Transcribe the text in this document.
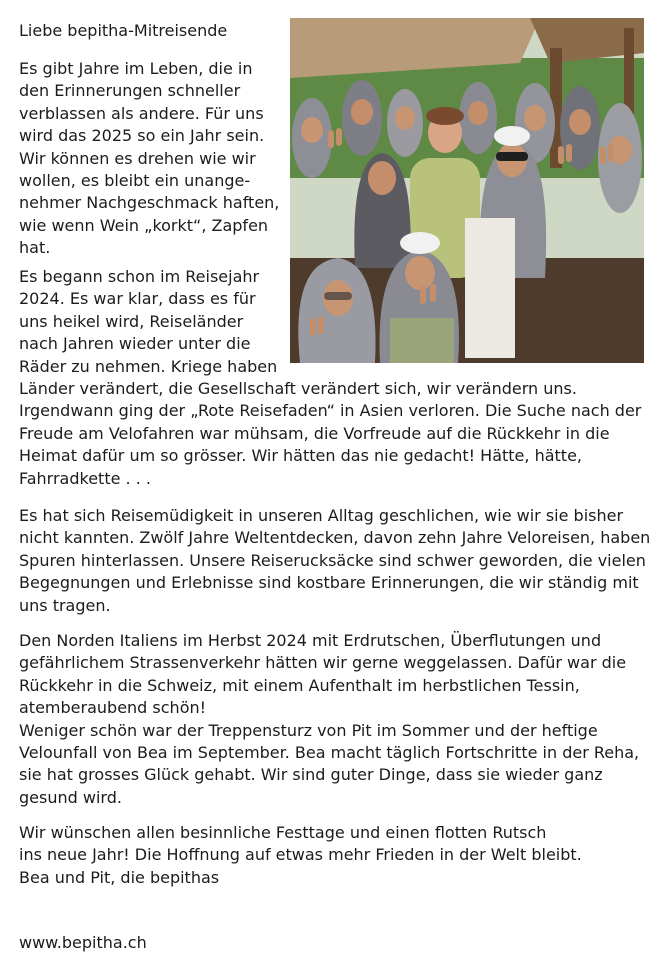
Liebe bepitha-Mitreisende

Es gibt Jahre im Leben, die in
den Erinnerungen schneller
verblassen als andere. Für uns
wird das 2025 so ein Jahr sein.
Wir können es drehen wie wir
wollen, es bleibt ein unange-
nehmer Nachgeschmack haften,
wie wenn Wein „korkt“, Zapfen
hat.

Es begann schon im Reisejahr
2024. Es war klar, dass es für
uns heikel wird, Reiseländer
nach Jahren wieder unter die
Räder zu nehmen. Kriege haben
Länder verändert, die Gesellschaft verändert sich, wir verändern uns.
Irgendwann ging der „Rote Reisefaden“ in Asien verloren. Die Suche nach der
Freude am Velofahren war mühsam, die Vorfreude auf die Rückkehr in die
Heimat dafür um so grösser. Wir hätten das nie gedacht! Hätte, hätte,
Fahrradkette . . .

Es hat sich Reisemüdigkeit in unseren Alltag geschlichen, wie wir sie bisher
nicht kannten. Zwölf Jahre Weltentdecken, davon zehn Jahre Veloreisen, haben
Spuren hinterlassen. Unsere Reiserucksäcke sind schwer geworden, die vielen
Begegnungen und Erlebnisse sind kostbare Erinnerungen, die wir ständig mit
uns tragen.

Den Norden Italiens im Herbst 2024 mit Erdrutschen, Überflutungen und
gefährlichem Strassenverkehr hätten wir gerne weggelassen. Dafür war die
Rückkehr in die Schweiz, mit einem Aufenthalt im herbstlichen Tessin,
atemberaubend schön!
Weniger schön war der Treppensturz von Pit im Sommer und der heftige
Velounfall von Bea im September. Bea macht täglich Fortschritte in der Reha,
sie hat grosses Glück gehabt. Wir sind guter Dinge, dass sie wieder ganz
gesund wird.

Wir wünschen allen besinnliche Festtage und einen flotten Rutsch
ins neue Jahr! Die Hoffnung auf etwas mehr Frieden in der Welt bleibt.
Bea und Pit, die bepithas

www.bepitha.ch
